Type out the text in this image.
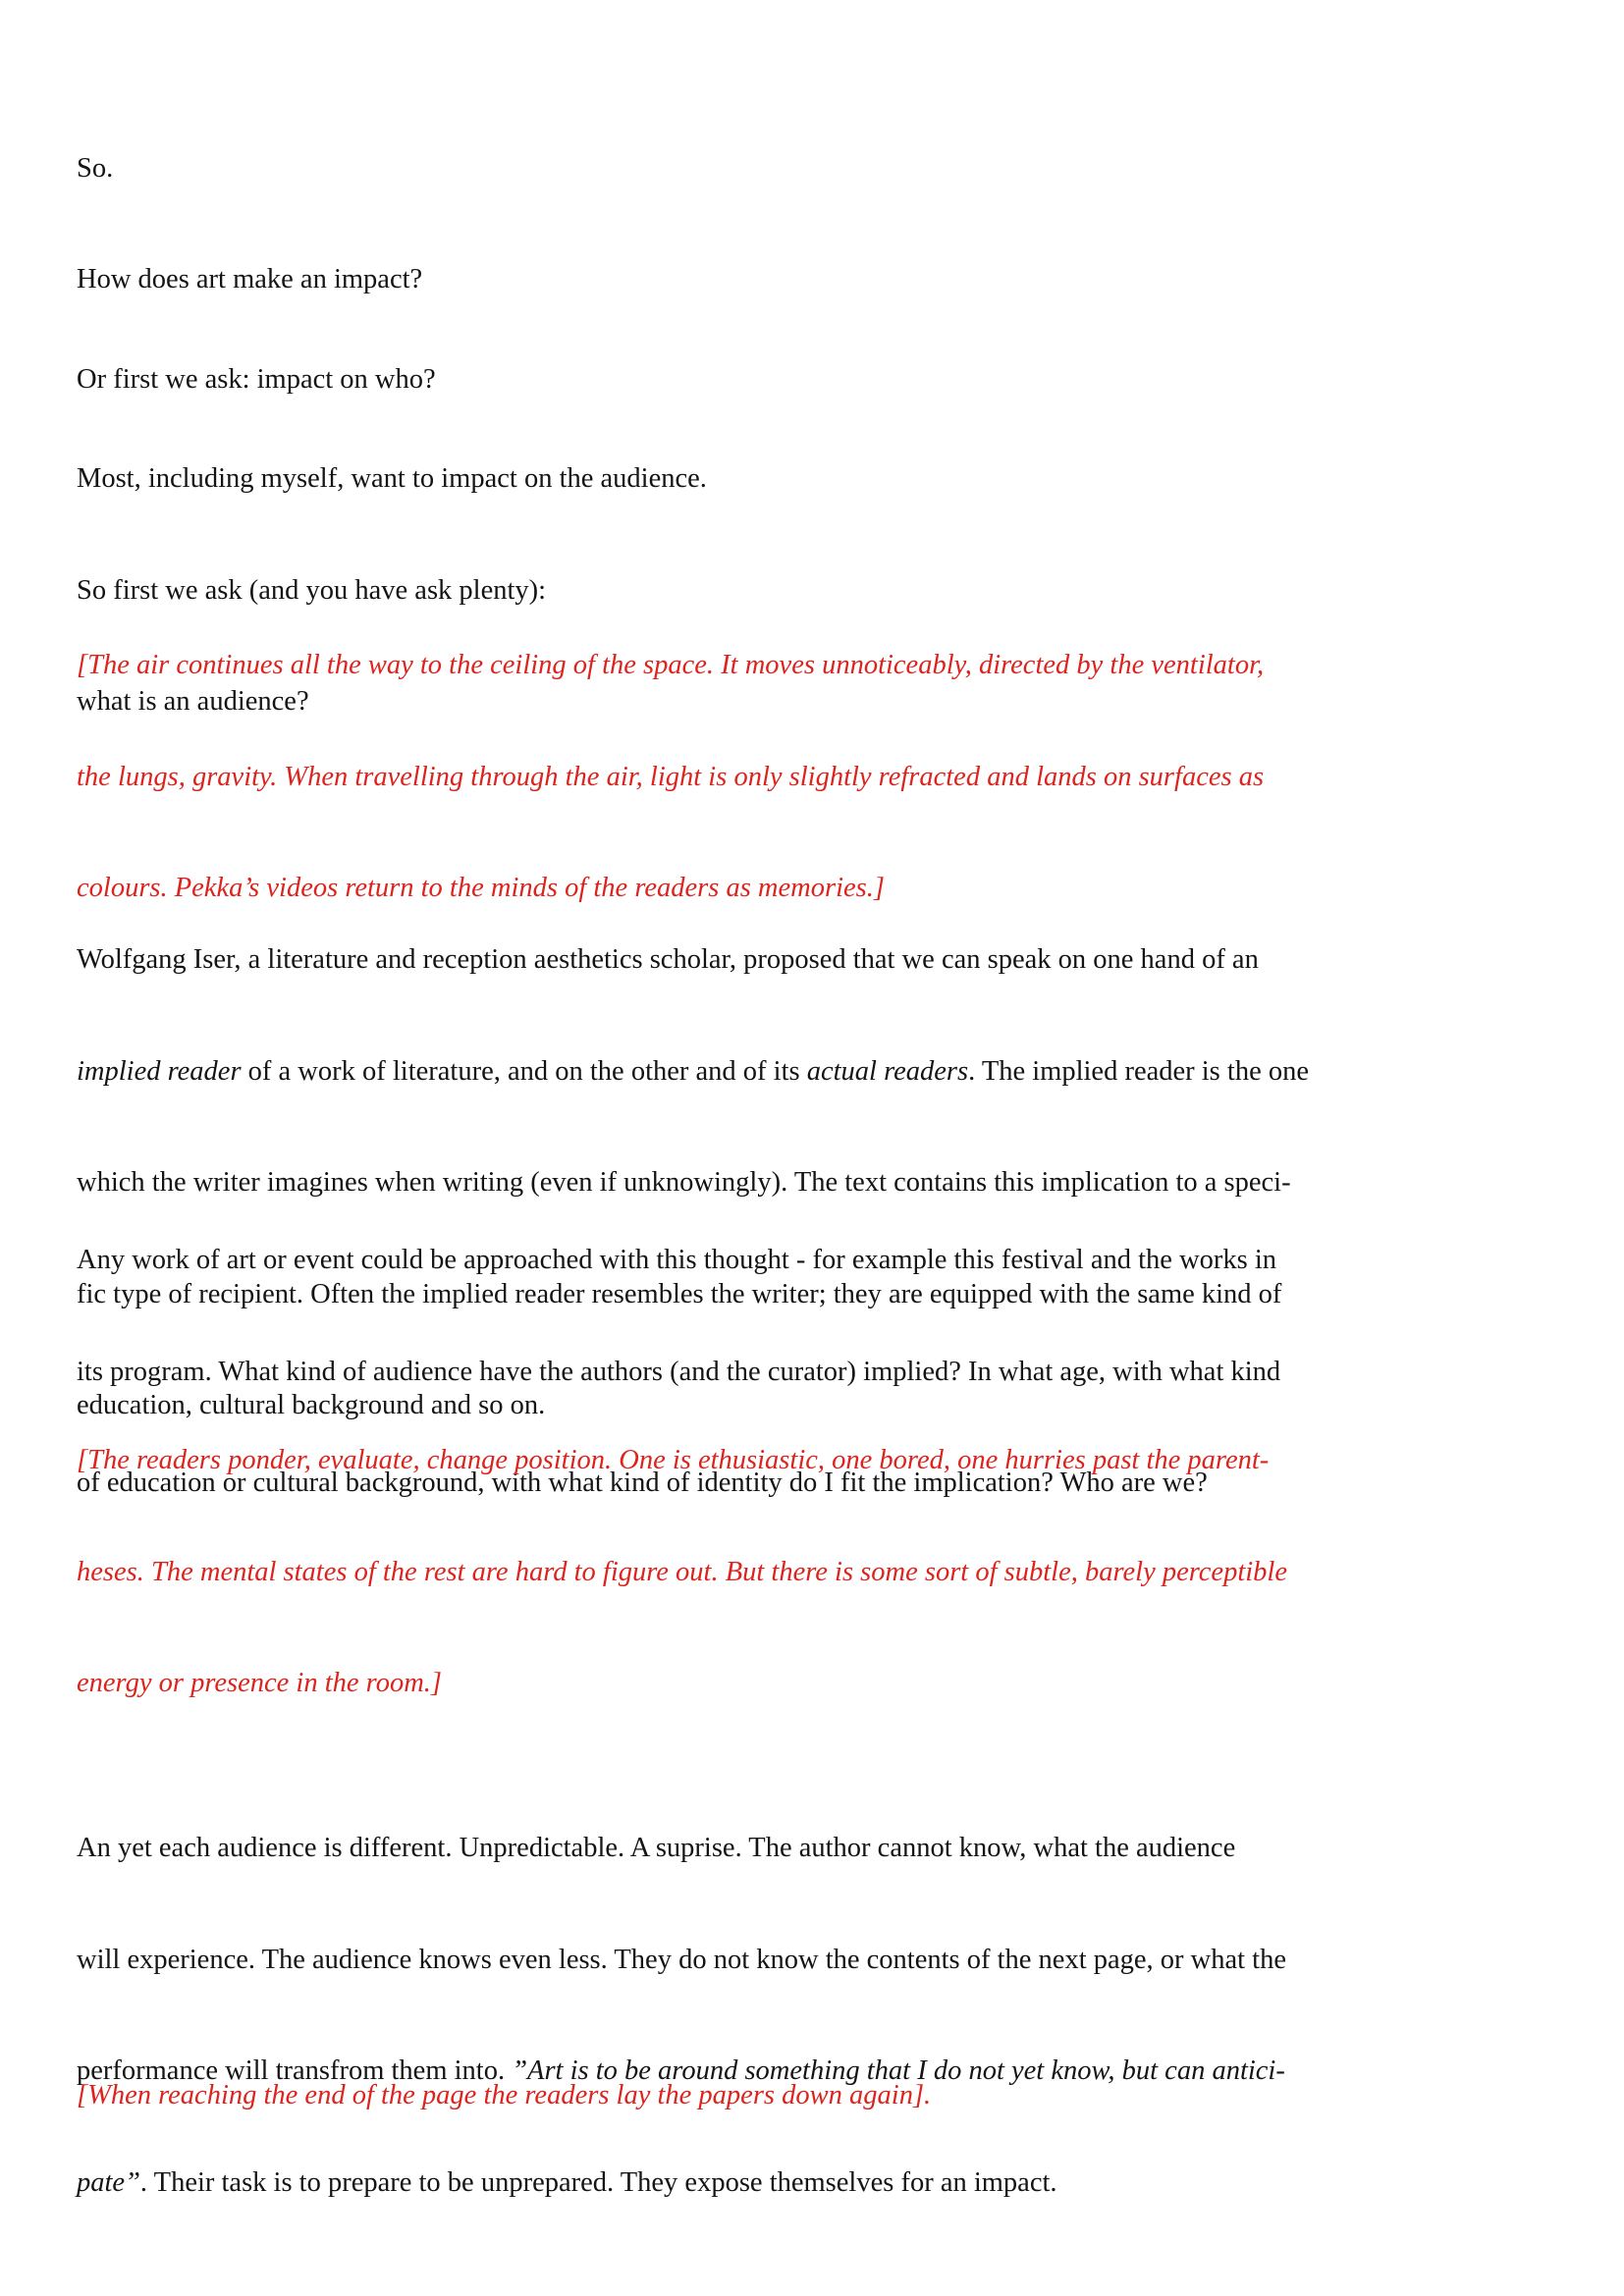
So.

How does art make an impact?

Or first we ask: impact on who?

Most, including myself, want to impact on the audience.

So first we ask (and you have ask plenty):

what is an audience?

[The air continues all the way to the ceiling of the space. It moves unnoticeably, directed by the ventilator,

the lungs, gravity. When travelling through the air, light is only slightly refracted and lands on surfaces as

colours. Pekka’s videos return to the minds of the readers as memories.]

Wolfgang Iser, a literature and reception aesthetics scholar, proposed that we can speak on one hand of an

implied reader of a work of literature, and on the other and of its actual readers. The implied reader is the one

which the writer imagines when writing (even if unknowingly). The text contains this implication to a speci-

fic type of recipient. Often the implied reader resembles the writer; they are equipped with the same kind of

education, cultural background and so on.

Any work of art or event could be approached with this thought - for example this festival and the works in

its program. What kind of audience have the authors (and the curator) implied? In what age, with what kind

of education or cultural background, with what kind of identity do I fit the implication? Who are we?

[The readers ponder, evaluate, change position. One is ethusiastic, one bored, one hurries past the parent-

heses. The mental states of the rest are hard to figure out. But there is some sort of subtle, barely perceptible

energy or presence in the room.]

An yet each audience is different. Unpredictable. A suprise. The author cannot know, what the audience

will experience. The audience knows even less. They do not know the contents of the next page, or what the

performance will transfrom them into. ”Art is to be around something that I do not yet know, but can antici-

pate”. Their task is to prepare to be unprepared. They expose themselves for an impact.

[When reaching the end of the page the readers lay the papers down again].
